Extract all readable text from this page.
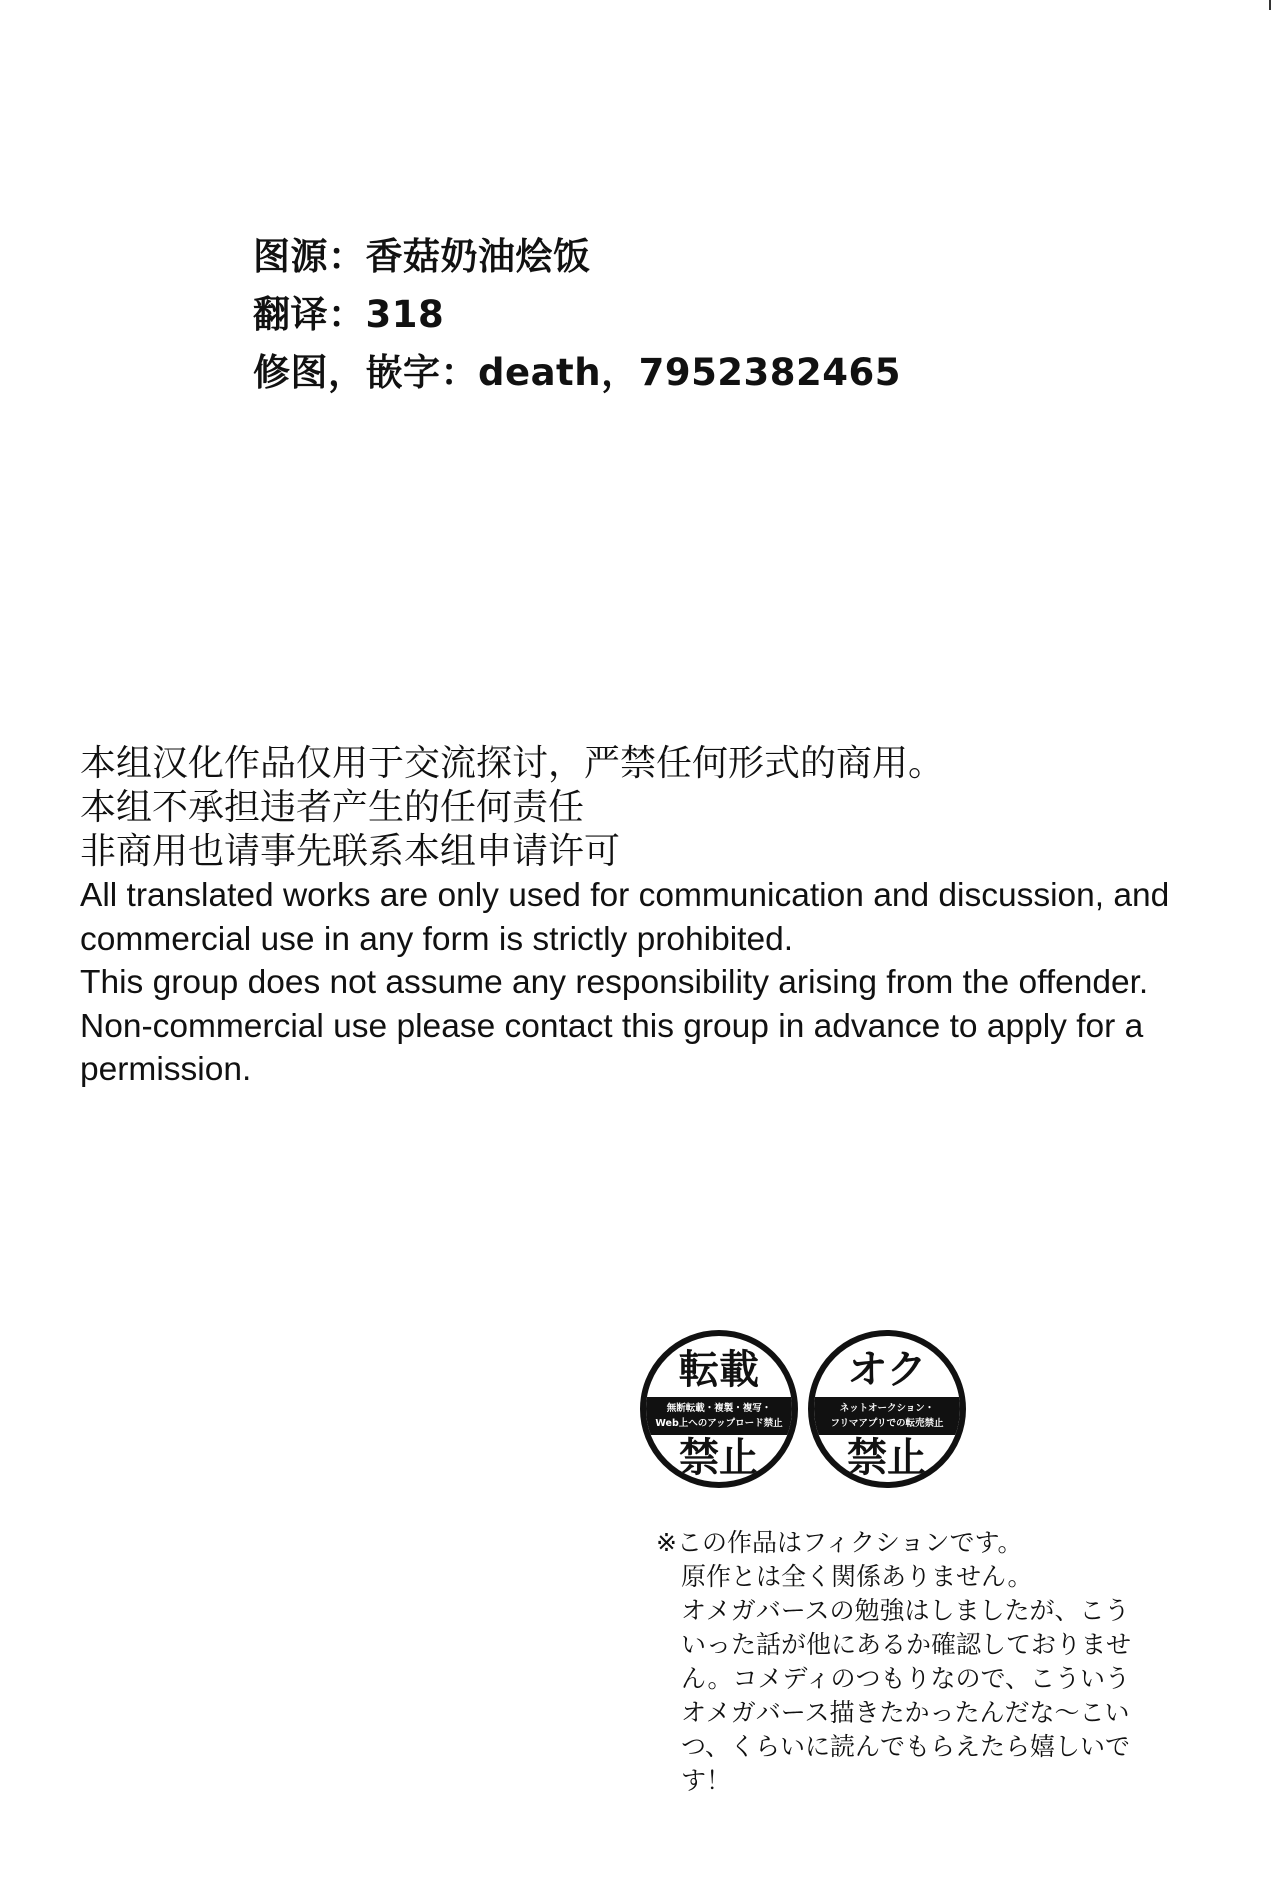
图源：香菇奶油烩饭
翻译：318
修图，嵌字：death，7952382465
本组汉化作品仅用于交流探讨，严禁任何形式的商用。
本组不承担违者产生的任何责任
非商用也请事先联系本组申请许可
All translated works are only used for communication and discussion, and commercial use in any form is strictly prohibited.
This group does not assume any responsibility arising from the offender.
Non-commercial use please contact this group in advance to apply for a permission.
転載
無断転載・複製・複写・
Web上へのアップロード禁止
禁止
オク
ネットオークション・
フリマアプリでの転売禁止
禁止
※この作品はフィクションです。
原作とは全く関係ありません。
オメガバースの勉強はしましたが、こう
いった話が他にあるか確認しておりませ
ん。コメディのつもりなので、こういう
オメガバース描きたかったんだな〜こい
つ、くらいに読んでもらえたら嬉しいで
す！
